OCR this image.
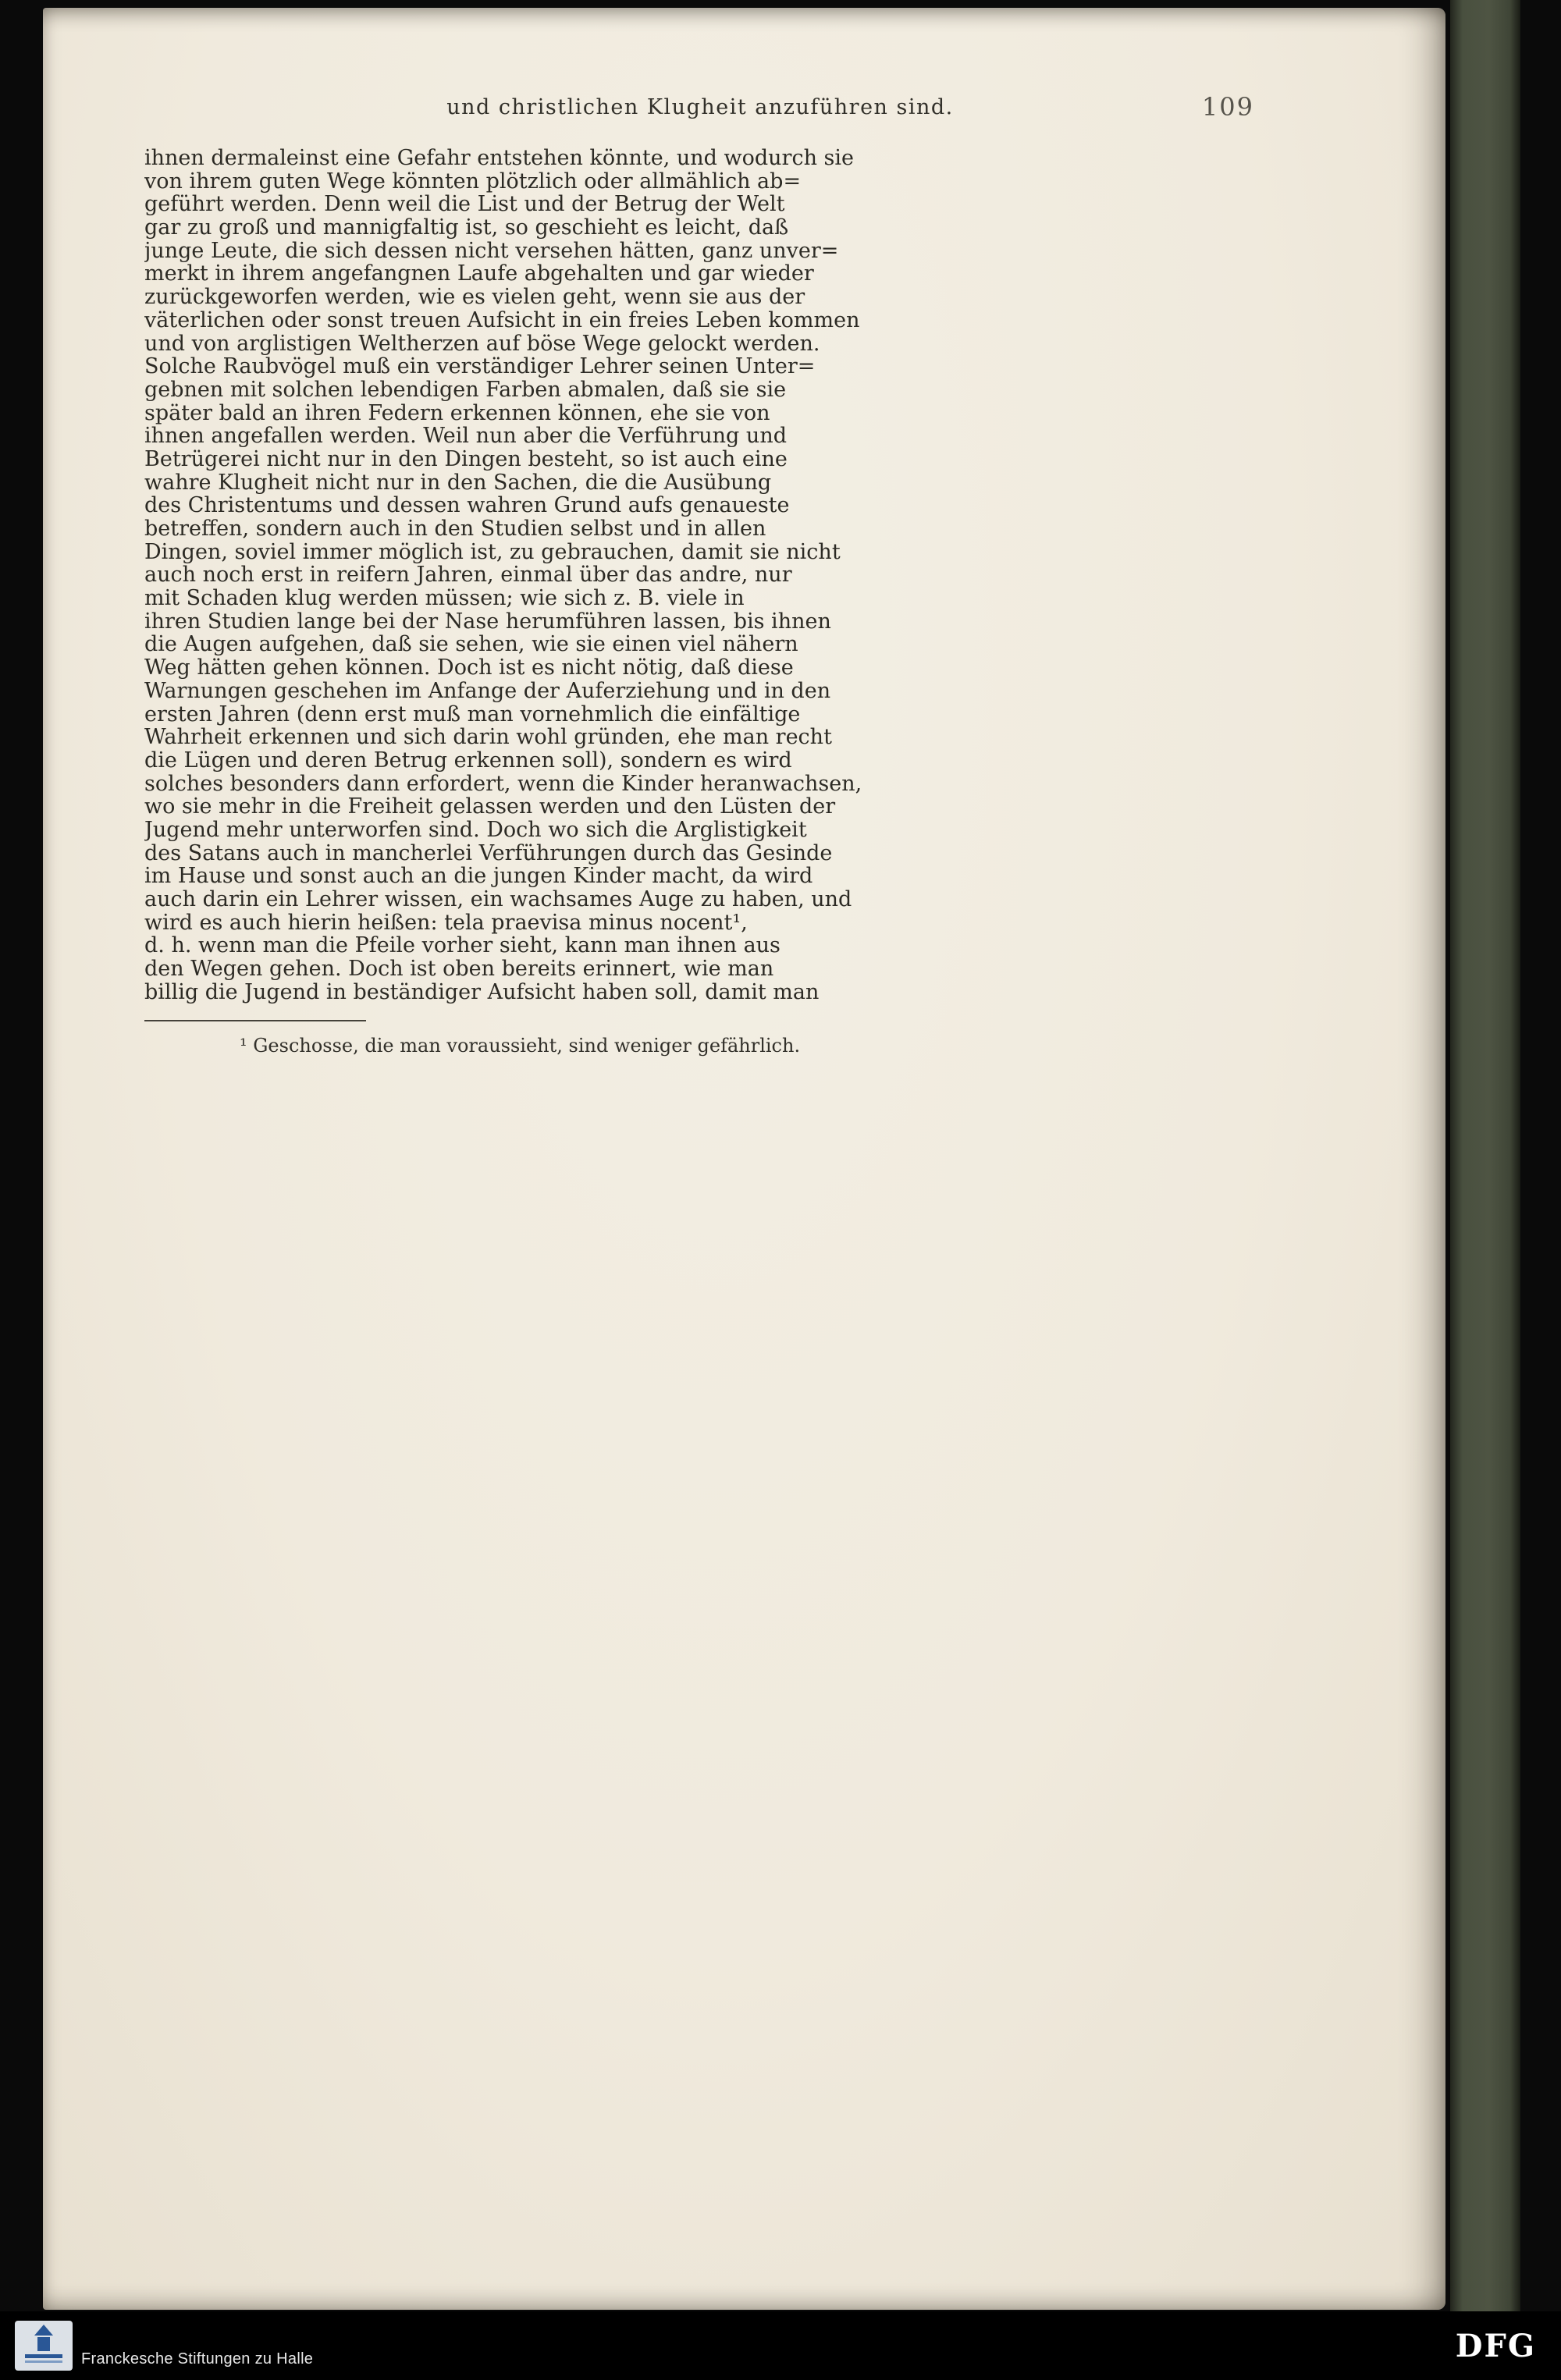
und christlichen Klugheit anzuführen sind.	109
ihnen dermaleinst eine Gefahr entstehen könnte, und wodurch sie
von ihrem guten Wege könnten plötzlich oder allmählich ab=
geführt werden. Denn weil die List und der Betrug der Welt
gar zu groß und mannigfaltig ist, so geschieht es leicht, daß
junge Leute, die sich dessen nicht versehen hätten, ganz unver=
merkt in ihrem angefangnen Laufe abgehalten und gar wieder
zurückgeworfen werden, wie es vielen geht, wenn sie aus der
väterlichen oder sonst treuen Aufsicht in ein freies Leben kommen
und von arglistigen Weltherzen auf böse Wege gelockt werden.
Solche Raubvögel muß ein verständiger Lehrer seinen Unter=
gebnen mit solchen lebendigen Farben abmalen, daß sie sie
später bald an ihren Federn erkennen können, ehe sie von
ihnen angefallen werden. Weil nun aber die Verführung und
Betrügerei nicht nur in den Dingen besteht, so ist auch eine
wahre Klugheit nicht nur in den Sachen, die die Ausübung
des Christentums und dessen wahren Grund aufs genaueste
betreffen, sondern auch in den Studien selbst und in allen
Dingen, soviel immer möglich ist, zu gebrauchen, damit sie nicht
auch noch erst in reifern Jahren, einmal über das andre, nur
mit Schaden klug werden müssen; wie sich z. B. viele in
ihren Studien lange bei der Nase herumführen lassen, bis ihnen
die Augen aufgehen, daß sie sehen, wie sie einen viel nähern
Weg hätten gehen können. Doch ist es nicht nötig, daß diese
Warnungen geschehen im Anfange der Auferziehung und in den
ersten Jahren (denn erst muß man vornehmlich die einfältige
Wahrheit erkennen und sich darin wohl gründen, ehe man recht
die Lügen und deren Betrug erkennen soll), sondern es wird
solches besonders dann erfordert, wenn die Kinder heranwachsen,
wo sie mehr in die Freiheit gelassen werden und den Lüsten der
Jugend mehr unterworfen sind. Doch wo sich die Arglistigkeit
des Satans auch in mancherlei Verführungen durch das Gesinde
im Hause und sonst auch an die jungen Kinder macht, da wird
auch darin ein Lehrer wissen, ein wachsames Auge zu haben, und
wird es auch hierin heißen: tela praevisa minus nocent¹,
d. h. wenn man die Pfeile vorher sieht, kann man ihnen aus
den Wegen gehen. Doch ist oben bereits erinnert, wie man
billig die Jugend in beständiger Aufsicht haben soll, damit man
¹ Geschosse, die man voraussieht, sind weniger gefährlich.
Franckesche Stiftungen zu Halle	DFG
